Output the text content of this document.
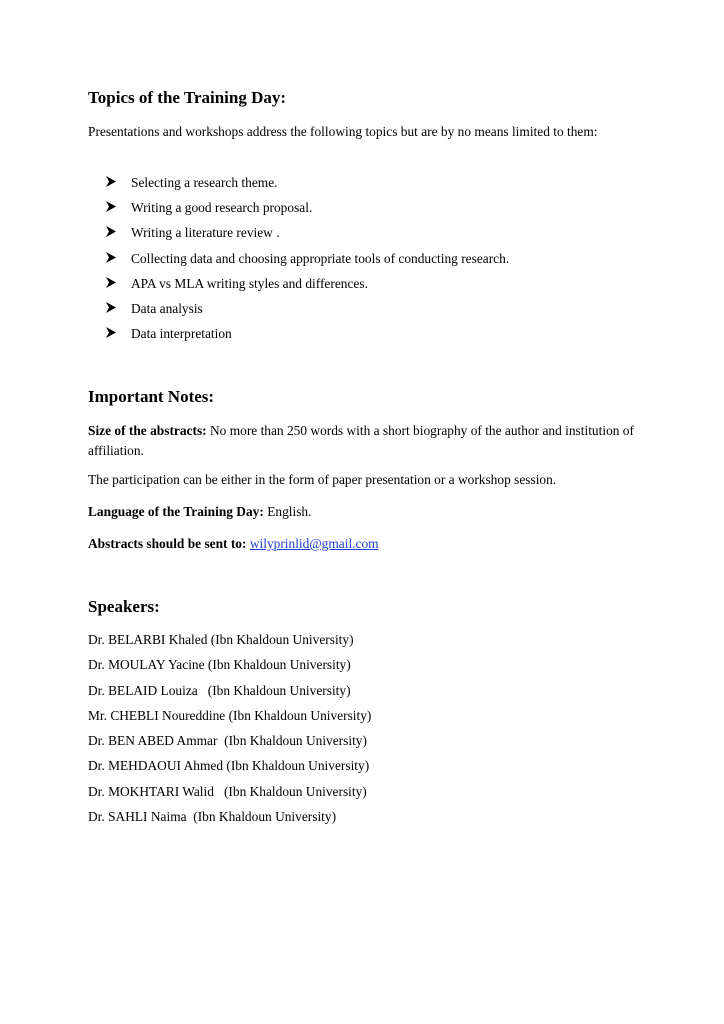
Topics of the Training Day:

Presentations and workshops address the following topics but are by no means limited to them:

Selecting a research theme.
Writing a good research proposal.
Writing a literature review .
Collecting data and choosing appropriate tools of conducting research.
APA vs MLA writing styles and differences.
Data analysis
Data interpretation
Important Notes:

Size of the abstracts: No more than 250 words with a short biography of the author and institution of affiliation.

The participation can be either in the form of paper presentation or a workshop session.

Language of the Training Day: English.

Abstracts should be sent to: wilyprinlid@gmail.com

Speakers:
Dr. BELARBI Khaled (Ibn Khaldoun University)
Dr. MOULAY Yacine (Ibn Khaldoun University)
Dr. BELAID Louiza   (Ibn Khaldoun University)
Mr. CHEBLI Noureddine (Ibn Khaldoun University)
Dr. BEN ABED Ammar  (Ibn Khaldoun University)
Dr. MEHDAOUI Ahmed (Ibn Khaldoun University)
Dr. MOKHTARI Walid   (Ibn Khaldoun University)
Dr. SAHLI Naima  (Ibn Khaldoun University)
